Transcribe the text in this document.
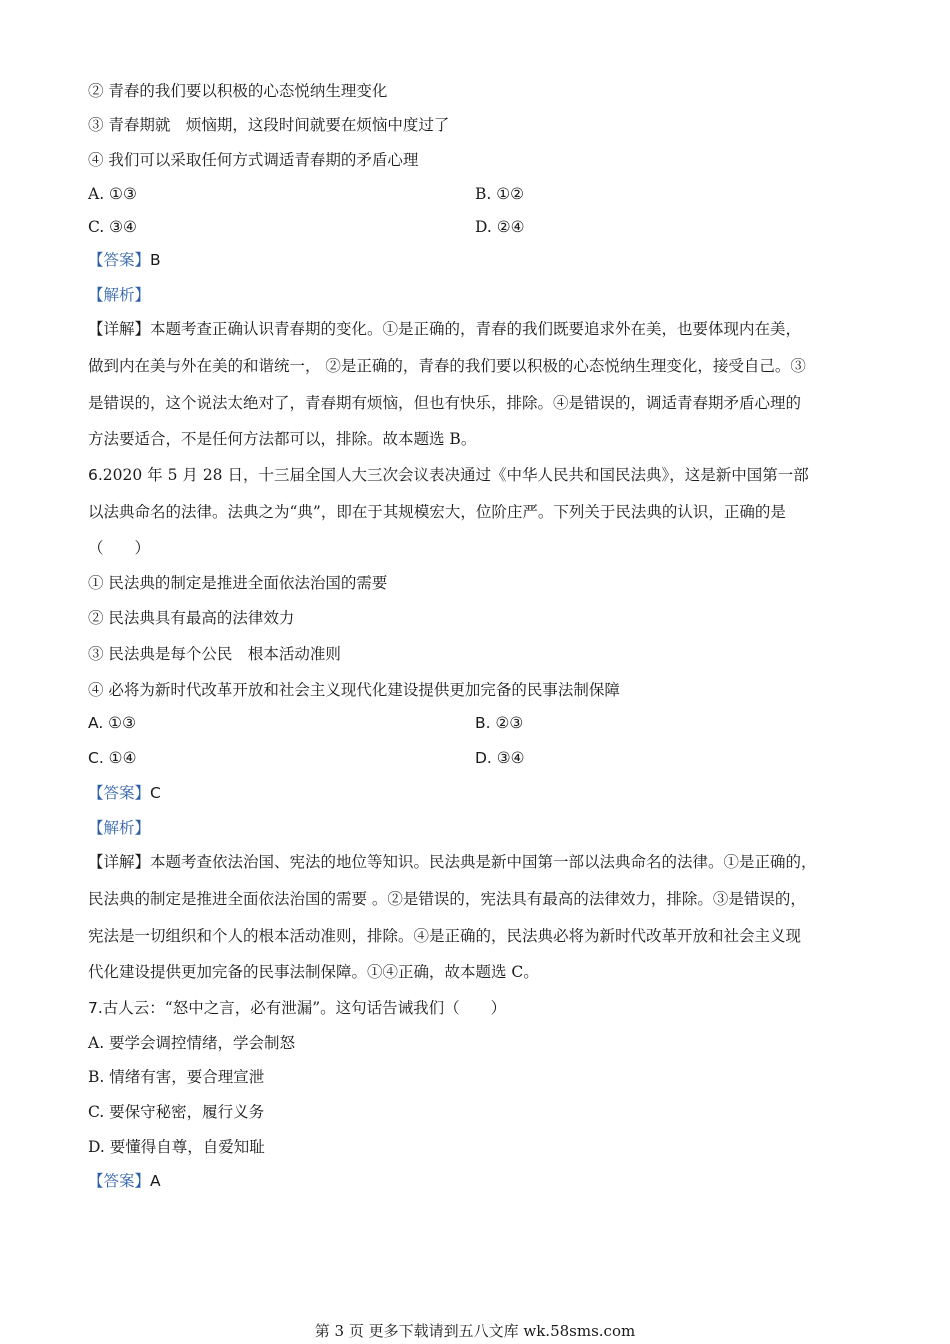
② 青春的我们要以积极的心态悦纳生理变化
③ 青春期就　烦恼期，这段时间就要在烦恼中度过了
④ 我们可以采取任何方式调适青春期的矛盾心理
A. ①③	B. ①②
C. ③④	D. ②④
【答案】B
【解析】
【详解】本题考查正确认识青春期的变化。①是正确的，青春的我们既要追求外在美，也要体现内在美，
做到内在美与外在美的和谐统一， ②是正确的，青春的我们要以积极的心态悦纳生理变化，接受自己。③
是错误的，这个说法太绝对了，青春期有烦恼，但也有快乐，排除。④是错误的，调适青春期矛盾心理的
方法要适合，不是任何方法都可以，排除。故本题选 B。
6.2020 年 5 月 28 日，十三届全国人大三次会议表决通过《中华人民共和国民法典》，这是新中国第一部
以法典命名的法律。法典之为“典”，即在于其规模宏大，位阶庄严。下列关于民法典的认识，正确的是
（　　）
① 民法典的制定是推进全面依法治国的需要
② 民法典具有最高的法律效力
③ 民法典是每个公民　根本活动准则
④ 必将为新时代改革开放和社会主义现代化建设提供更加完备的民事法制保障
A. ①③	B. ②③
C. ①④	D. ③④
【答案】C
【解析】
【详解】本题考查依法治国、宪法的地位等知识。民法典是新中国第一部以法典命名的法律。①是正确的，
民法典的制定是推进全面依法治国的需要 。②是错误的，宪法具有最高的法律效力，排除。③是错误的，
宪法是一切组织和个人的根本活动准则，排除。④是正确的，民法典必将为新时代改革开放和社会主义现
代化建设提供更加完备的民事法制保障。①④正确，故本题选 C。
7.古人云：“怒中之言，必有泄漏”。这句话告诫我们（　　）
A. 要学会调控情绪，学会制怒
B. 情绪有害，要合理宣泄
C. 要保守秘密，履行义务
D. 要懂得自尊，自爱知耻
【答案】A
第 3 页 更多下载请到五八文库 wk.58sms.com
